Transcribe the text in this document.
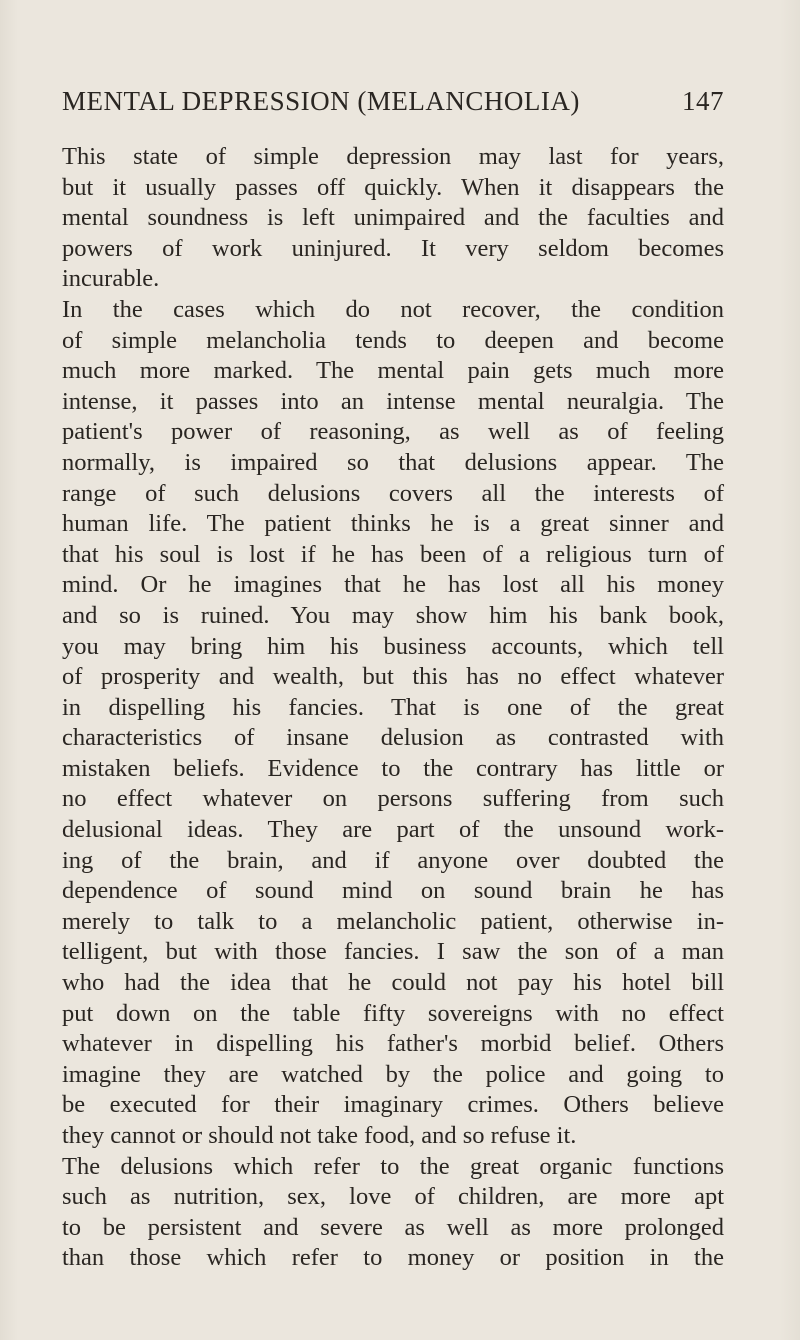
MENTAL DEPRESSION (MELANCHOLIA)	147
This state of simple depression may last for years,
but it usually passes off quickly. When it disappears the
mental soundness is left unimpaired and the faculties and
powers of work uninjured. It very seldom becomes
incurable.
In the cases which do not recover, the condition
of simple melancholia tends to deepen and become
much more marked. The mental pain gets much more
intense, it passes into an intense mental neuralgia. The
patient's power of reasoning, as well as of feeling
normally, is impaired so that delusions appear. The
range of such delusions covers all the interests of
human life. The patient thinks he is a great sinner and
that his soul is lost if he has been of a religious turn of
mind. Or he imagines that he has lost all his money
and so is ruined. You may show him his bank book,
you may bring him his business accounts, which tell
of prosperity and wealth, but this has no effect whatever
in dispelling his fancies. That is one of the great
characteristics of insane delusion as contrasted with
mistaken beliefs. Evidence to the contrary has little or
no effect whatever on persons suffering from such
delusional ideas. They are part of the unsound work-
ing of the brain, and if anyone over doubted the
dependence of sound mind on sound brain he has
merely to talk to a melancholic patient, otherwise in-
telligent, but with those fancies. I saw the son of a man
who had the idea that he could not pay his hotel bill
put down on the table fifty sovereigns with no effect
whatever in dispelling his father's morbid belief. Others
imagine they are watched by the police and going to
be executed for their imaginary crimes. Others believe
they cannot or should not take food, and so refuse it.
The delusions which refer to the great organic functions
such as nutrition, sex, love of children, are more apt
to be persistent and severe as well as more prolonged
than those which refer to money or position in the
